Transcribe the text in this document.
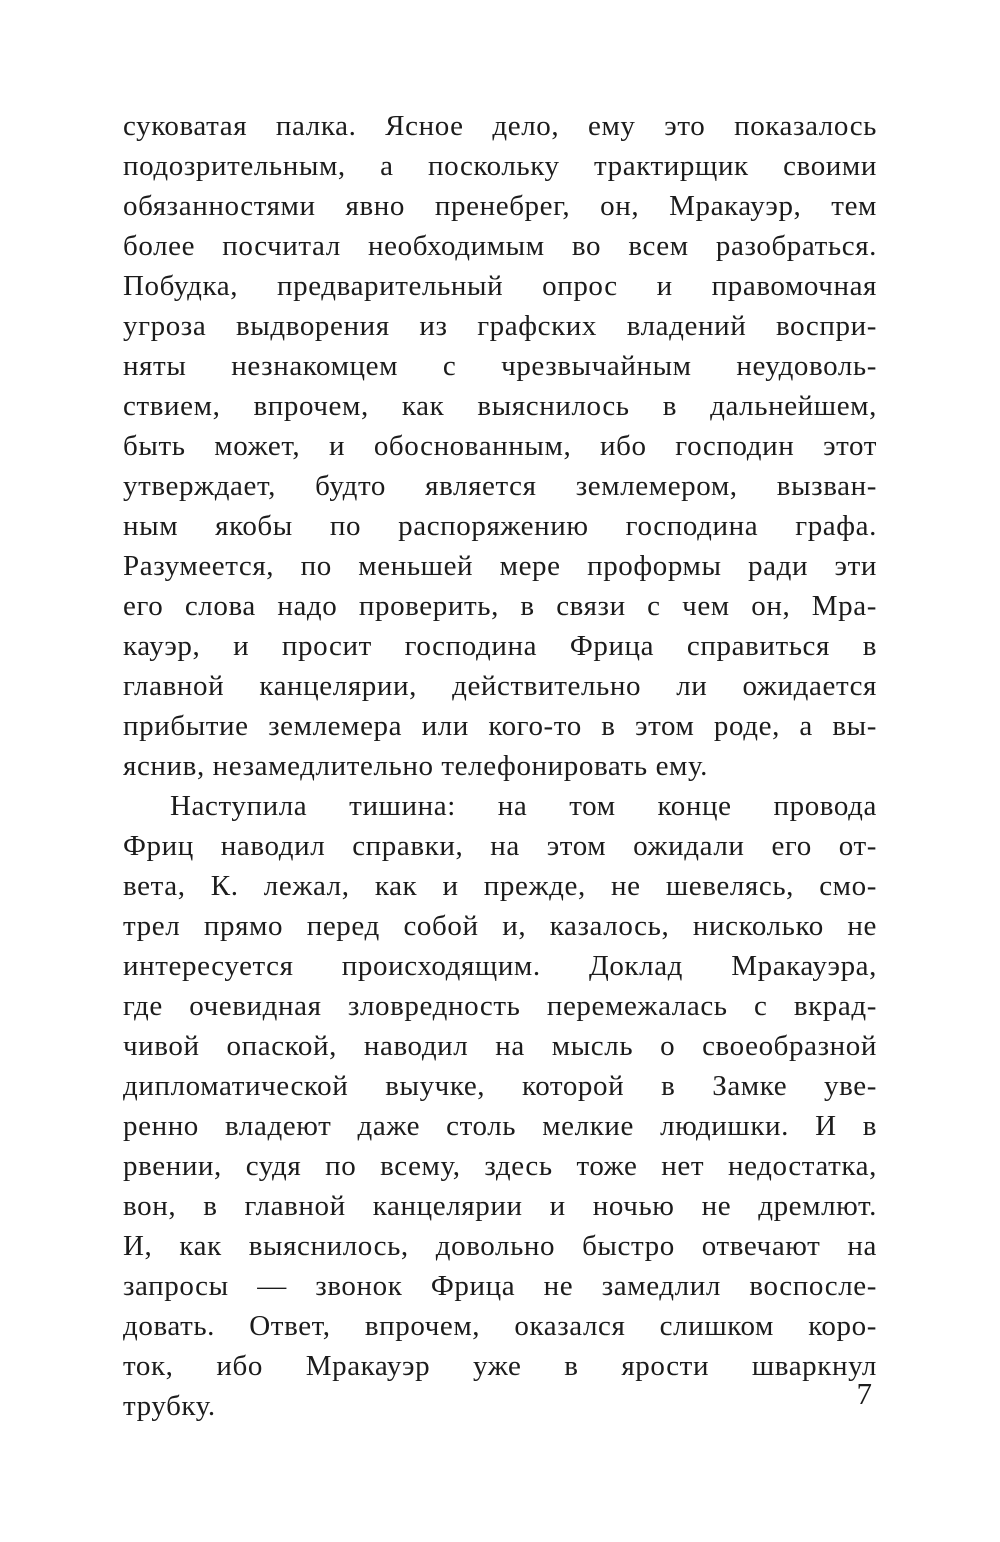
суковатая палка. Ясное дело, ему это показалось
подозрительным, а поскольку трактирщик своими
обязанностями явно пренебрег, он, Мракауэр, тем
более посчитал необходимым во всем разобраться.
Побудка, предварительный опрос и правомочная
угроза выдворения из графских владений воспри-
няты незнакомцем с чрезвычайным неудоволь-
ствием, впрочем, как выяснилось в дальнейшем,
быть может, и обоснованным, ибо господин этот
утверждает, будто является землемером, вызван-
ным якобы по распоряжению господина графа.
Разумеется, по меньшей мере проформы ради эти
его слова надо проверить, в связи с чем он, Мра-
кауэр, и просит господина Фрица справиться в
главной канцелярии, действительно ли ожидается
прибытие землемера или кого-то в этом роде, а вы-
яснив, незамедлительно телефонировать ему.
Наступила тишина: на том конце провода
Фриц наводил справки, на этом ожидали его от-
вета, К. лежал, как и прежде, не шевелясь, смо-
трел прямо перед собой и, казалось, нисколько не
интересуется происходящим. Доклад Мракауэра,
где очевидная зловредность перемежалась с вкрад-
чивой опаской, наводил на мысль о своеобразной
дипломатической выучке, которой в Замке уве-
ренно владеют даже столь мелкие людишки. И в
рвении, судя по всему, здесь тоже нет недостатка,
вон, в главной канцелярии и ночью не дремлют.
И, как выяснилось, довольно быстро отвечают на
запросы — звонок Фрица не замедлил воспосле-
довать. Ответ, впрочем, оказался слишком коро-
ток, ибо Мракауэр уже в ярости шваркнул
трубку.	7
